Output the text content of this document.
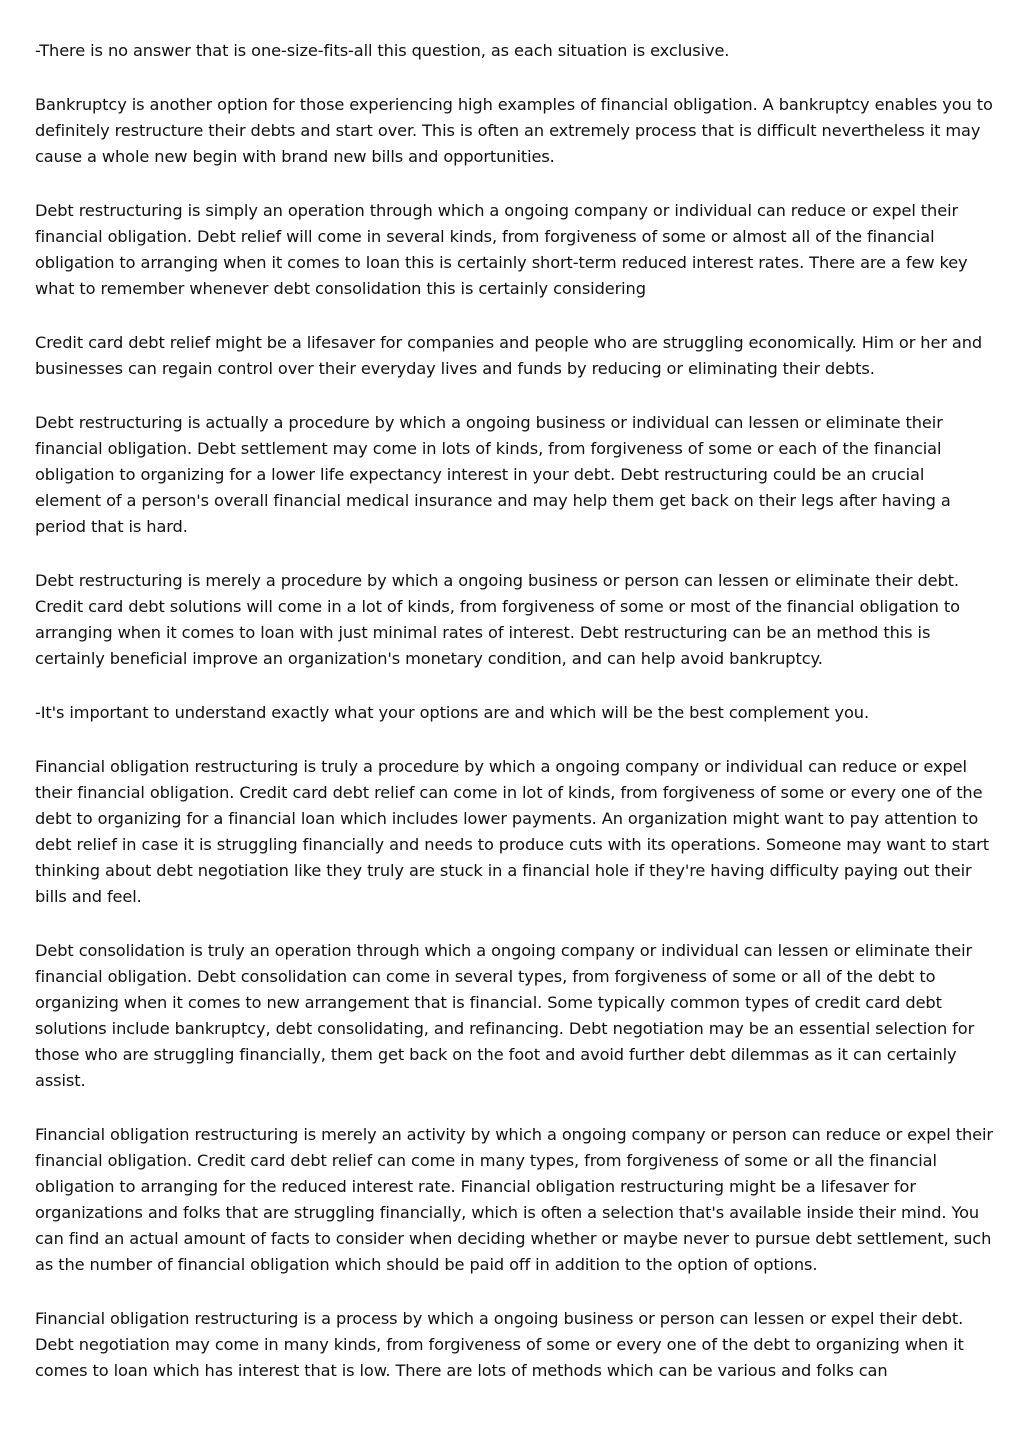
-There is no answer that is one-size-fits-all this question, as each situation is exclusive.

Bankruptcy is another option for those experiencing high examples of financial obligation. A bankruptcy enables you to definitely restructure their debts and start over. This is often an extremely process that is difficult nevertheless it may cause a whole new begin with brand new bills and opportunities.

Debt restructuring is simply an operation through which a ongoing company or individual can reduce or expel their financial obligation. Debt relief will come in several kinds, from forgiveness of some or almost all of the financial obligation to arranging when it comes to loan this is certainly short-term reduced interest rates. There are a few key what to remember whenever debt consolidation this is certainly considering

Credit card debt relief might be a lifesaver for companies and people who are struggling economically. Him or her and businesses can regain control over their everyday lives and funds by reducing or eliminating their debts.

Debt restructuring is actually a procedure by which a ongoing business or individual can lessen or eliminate their financial obligation. Debt settlement may come in lots of kinds, from forgiveness of some or each of the financial obligation to organizing for a lower life expectancy interest in your debt. Debt restructuring could be an crucial element of a person's overall financial medical insurance and may help them get back on their legs after having a period that is hard.

Debt restructuring is merely a procedure by which a ongoing business or person can lessen or eliminate their debt. Credit card debt solutions will come in a lot of kinds, from forgiveness of some or most of the financial obligation to arranging when it comes to loan with just minimal rates of interest. Debt restructuring can be an method this is certainly beneficial improve an organization's monetary condition, and can help avoid bankruptcy.

-It's important to understand exactly what your options are and which will be the best complement you.

Financial obligation restructuring is truly a procedure by which a ongoing company or individual can reduce or expel their financial obligation. Credit card debt relief can come in lot of kinds, from forgiveness of some or every one of the debt to organizing for a financial loan which includes lower payments. An organization might want to pay attention to debt relief in case it is struggling financially and needs to produce cuts with its operations. Someone may want to start thinking about debt negotiation like they truly are stuck in a financial hole if they're having difficulty paying out their bills and feel.

Debt consolidation is truly an operation through which a ongoing company or individual can lessen or eliminate their financial obligation. Debt consolidation can come in several types, from forgiveness of some or all of the debt to organizing when it comes to new arrangement that is financial. Some typically common types of credit card debt solutions include bankruptcy, debt consolidating, and refinancing. Debt negotiation may be an essential selection for those who are struggling financially, them get back on the foot and avoid further debt dilemmas as it can certainly assist.

Financial obligation restructuring is merely an activity by which a ongoing company or person can reduce or expel their financial obligation. Credit card debt relief can come in many types, from forgiveness of some or all the financial obligation to arranging for the reduced interest rate. Financial obligation restructuring might be a lifesaver for organizations and folks that are struggling financially, which is often a selection that's available inside their mind. You can find an actual amount of facts to consider when deciding whether or maybe never to pursue debt settlement, such as the number of financial obligation which should be paid off in addition to the option of options.

Financial obligation restructuring is a process by which a ongoing business or person can lessen or expel their debt. Debt negotiation may come in many kinds, from forgiveness of some or every one of the debt to organizing when it comes to loan which has interest that is low. There are lots of methods which can be various and folks can
